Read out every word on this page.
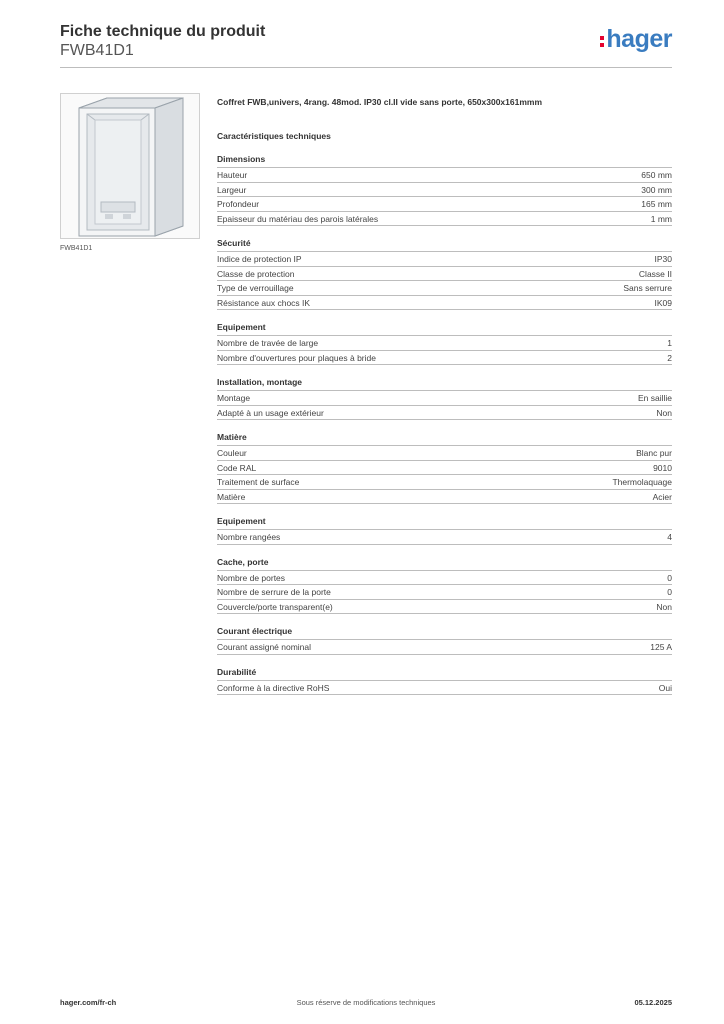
Fiche technique du produit

FWB41D1	hager
FWB41D1

Coffret FWB,univers, 4rang. 48mod. IP30 cl.II vide sans porte, 650x300x161mmm

Caractéristiques techniques

Dimensions
Hauteur	650 mm
Largeur	300 mm
Profondeur	165 mm
Epaisseur du matériau des parois latérales	1 mm
Sécurité
Indice de protection IP	IP30
Classe de protection	Classe II
Type de verrouillage	Sans serrure
Résistance aux chocs IK	IK09
Equipement
Nombre de travée de large	1
Nombre d'ouvertures pour plaques à bride	2
Installation, montage
Montage	En saillie
Adapté à un usage extérieur	Non
Matière
Couleur	Blanc pur
Code RAL	9010
Traitement de surface	Thermolaquage
Matière	Acier
Equipement
Nombre rangées	4
Cache, porte
Nombre de portes	0
Nombre de serrure de la porte	0
Couvercle/porte transparent(e)	Non
Courant électrique
Courant assigné nominal	125 A
Durabilité
Conforme à la directive RoHS	Oui
hager.com/fr-ch	Sous réserve de modifications techniques	05.12.2025
